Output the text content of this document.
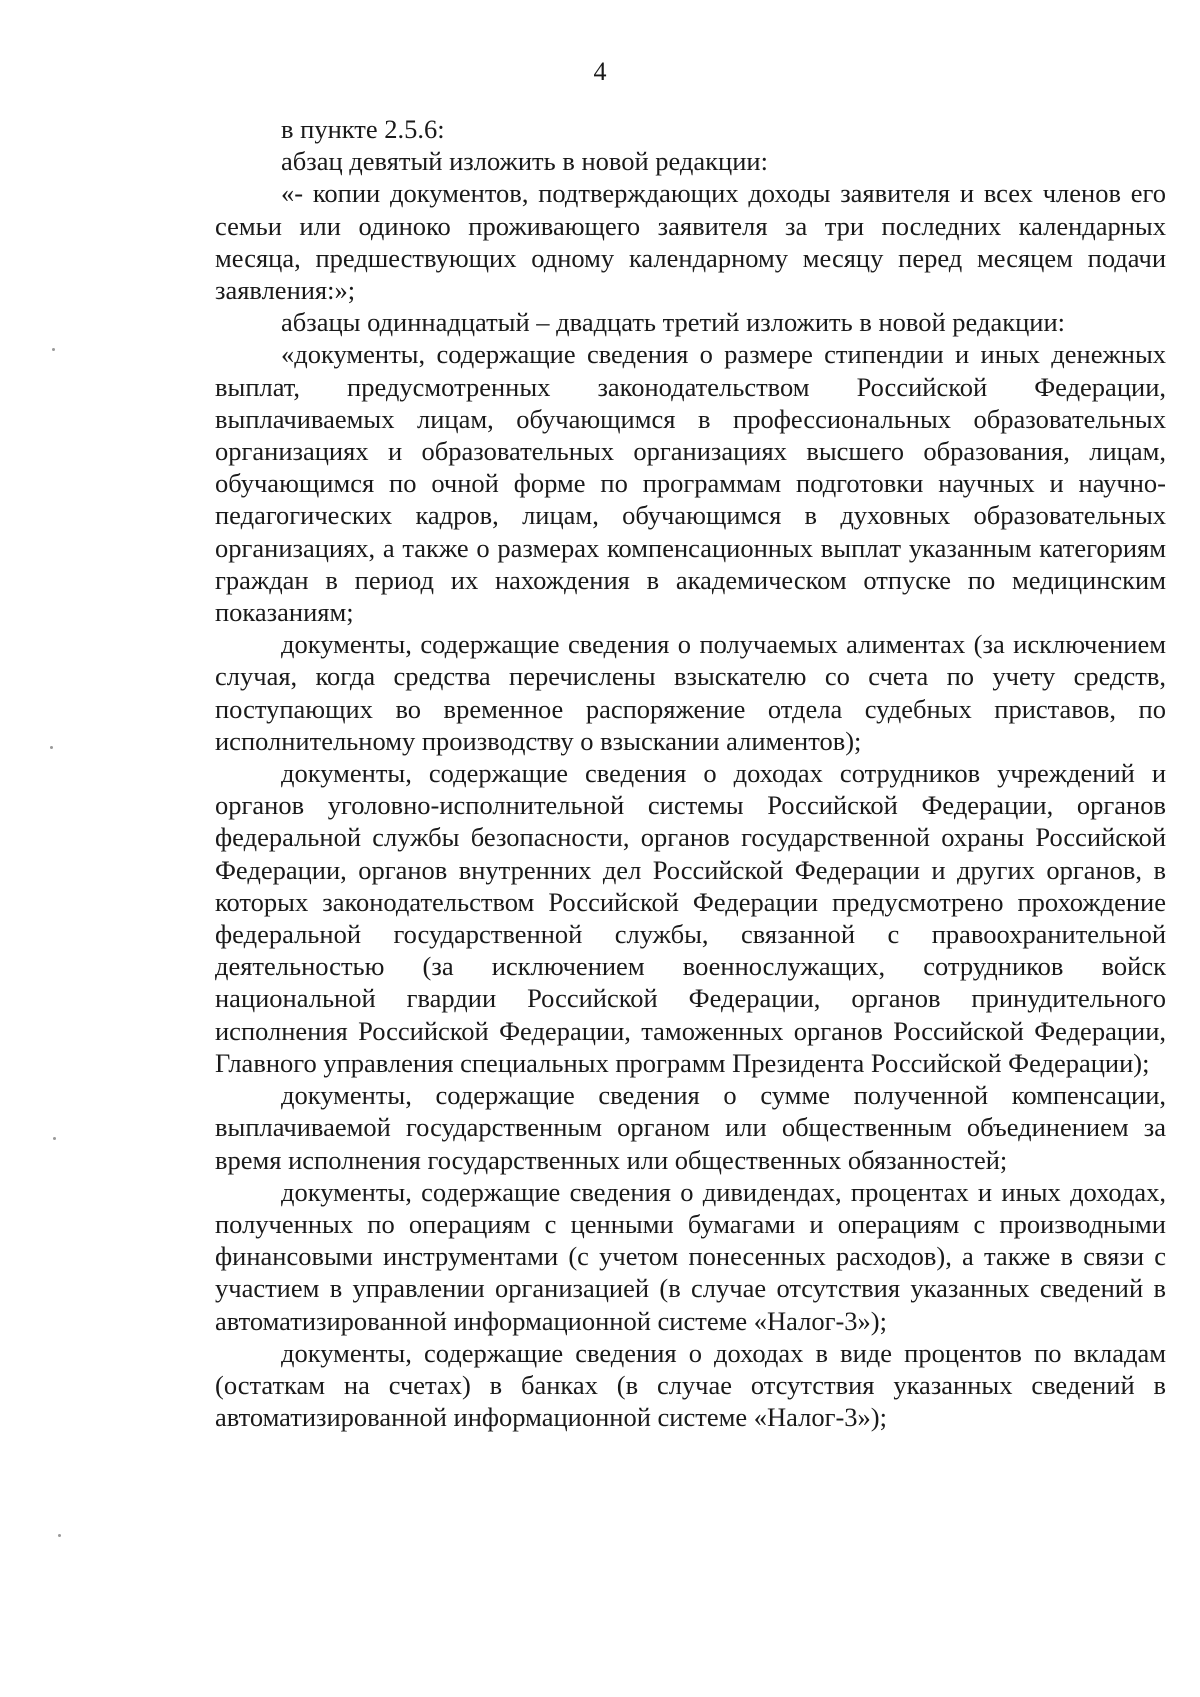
4

в пункте 2.5.6:

абзац девятый изложить в новой редакции:

«- копии документов, подтверждающих доходы заявителя и всех членов его семьи или одиноко проживающего заявителя за три последних календарных месяца, предшествующих одному календарному месяцу перед месяцем подачи заявления:»;

абзацы одиннадцатый – двадцать третий изложить в новой редакции:

«документы, содержащие сведения о размере стипендии и иных денежных выплат, предусмотренных законодательством Российской Федерации, выплачиваемых лицам, обучающимся в профессиональных образовательных организациях и образовательных организациях высшего образования, лицам, обучающимся по очной форме по программам подготовки научных и научно-педагогических кадров, лицам, обучающимся в духовных образовательных организациях, а также о размерах компенсационных выплат указанным категориям граждан в период их нахождения в академическом отпуске по медицинским показаниям;

документы, содержащие сведения о получаемых алиментах (за исключением случая, когда средства перечислены взыскателю со счета по учету средств, поступающих во временное распоряжение отдела судебных приставов, по исполнительному производству о взыскании алиментов);

документы, содержащие сведения о доходах сотрудников учреждений и органов уголовно-исполнительной системы Российской Федерации, органов федеральной службы безопасности, органов государственной охраны Российской Федерации, органов внутренних дел Российской Федерации и других органов, в которых законодательством Российской Федерации предусмотрено прохождение федеральной государственной службы, связанной с правоохранительной деятельностью (за исключением военнослужащих, сотрудников войск национальной гвардии Российской Федерации, органов принудительного исполнения Российской Федерации, таможенных органов Российской Федерации, Главного управления специальных программ Президента Российской Федерации);

документы, содержащие сведения о сумме полученной компенсации, выплачиваемой государственным органом или общественным объединением за время исполнения государственных или общественных обязанностей;

документы, содержащие сведения о дивидендах, процентах и иных доходах, полученных по операциям с ценными бумагами и операциям с производными финансовыми инструментами (с учетом понесенных расходов), а также в связи с участием в управлении организацией (в случае отсутствия указанных сведений в автоматизированной информационной системе «Налог-3»);

документы, содержащие сведения о доходах в виде процентов по вкладам (остаткам на счетах) в банках (в случае отсутствия указанных сведений в автоматизированной информационной системе «Налог-3»);
